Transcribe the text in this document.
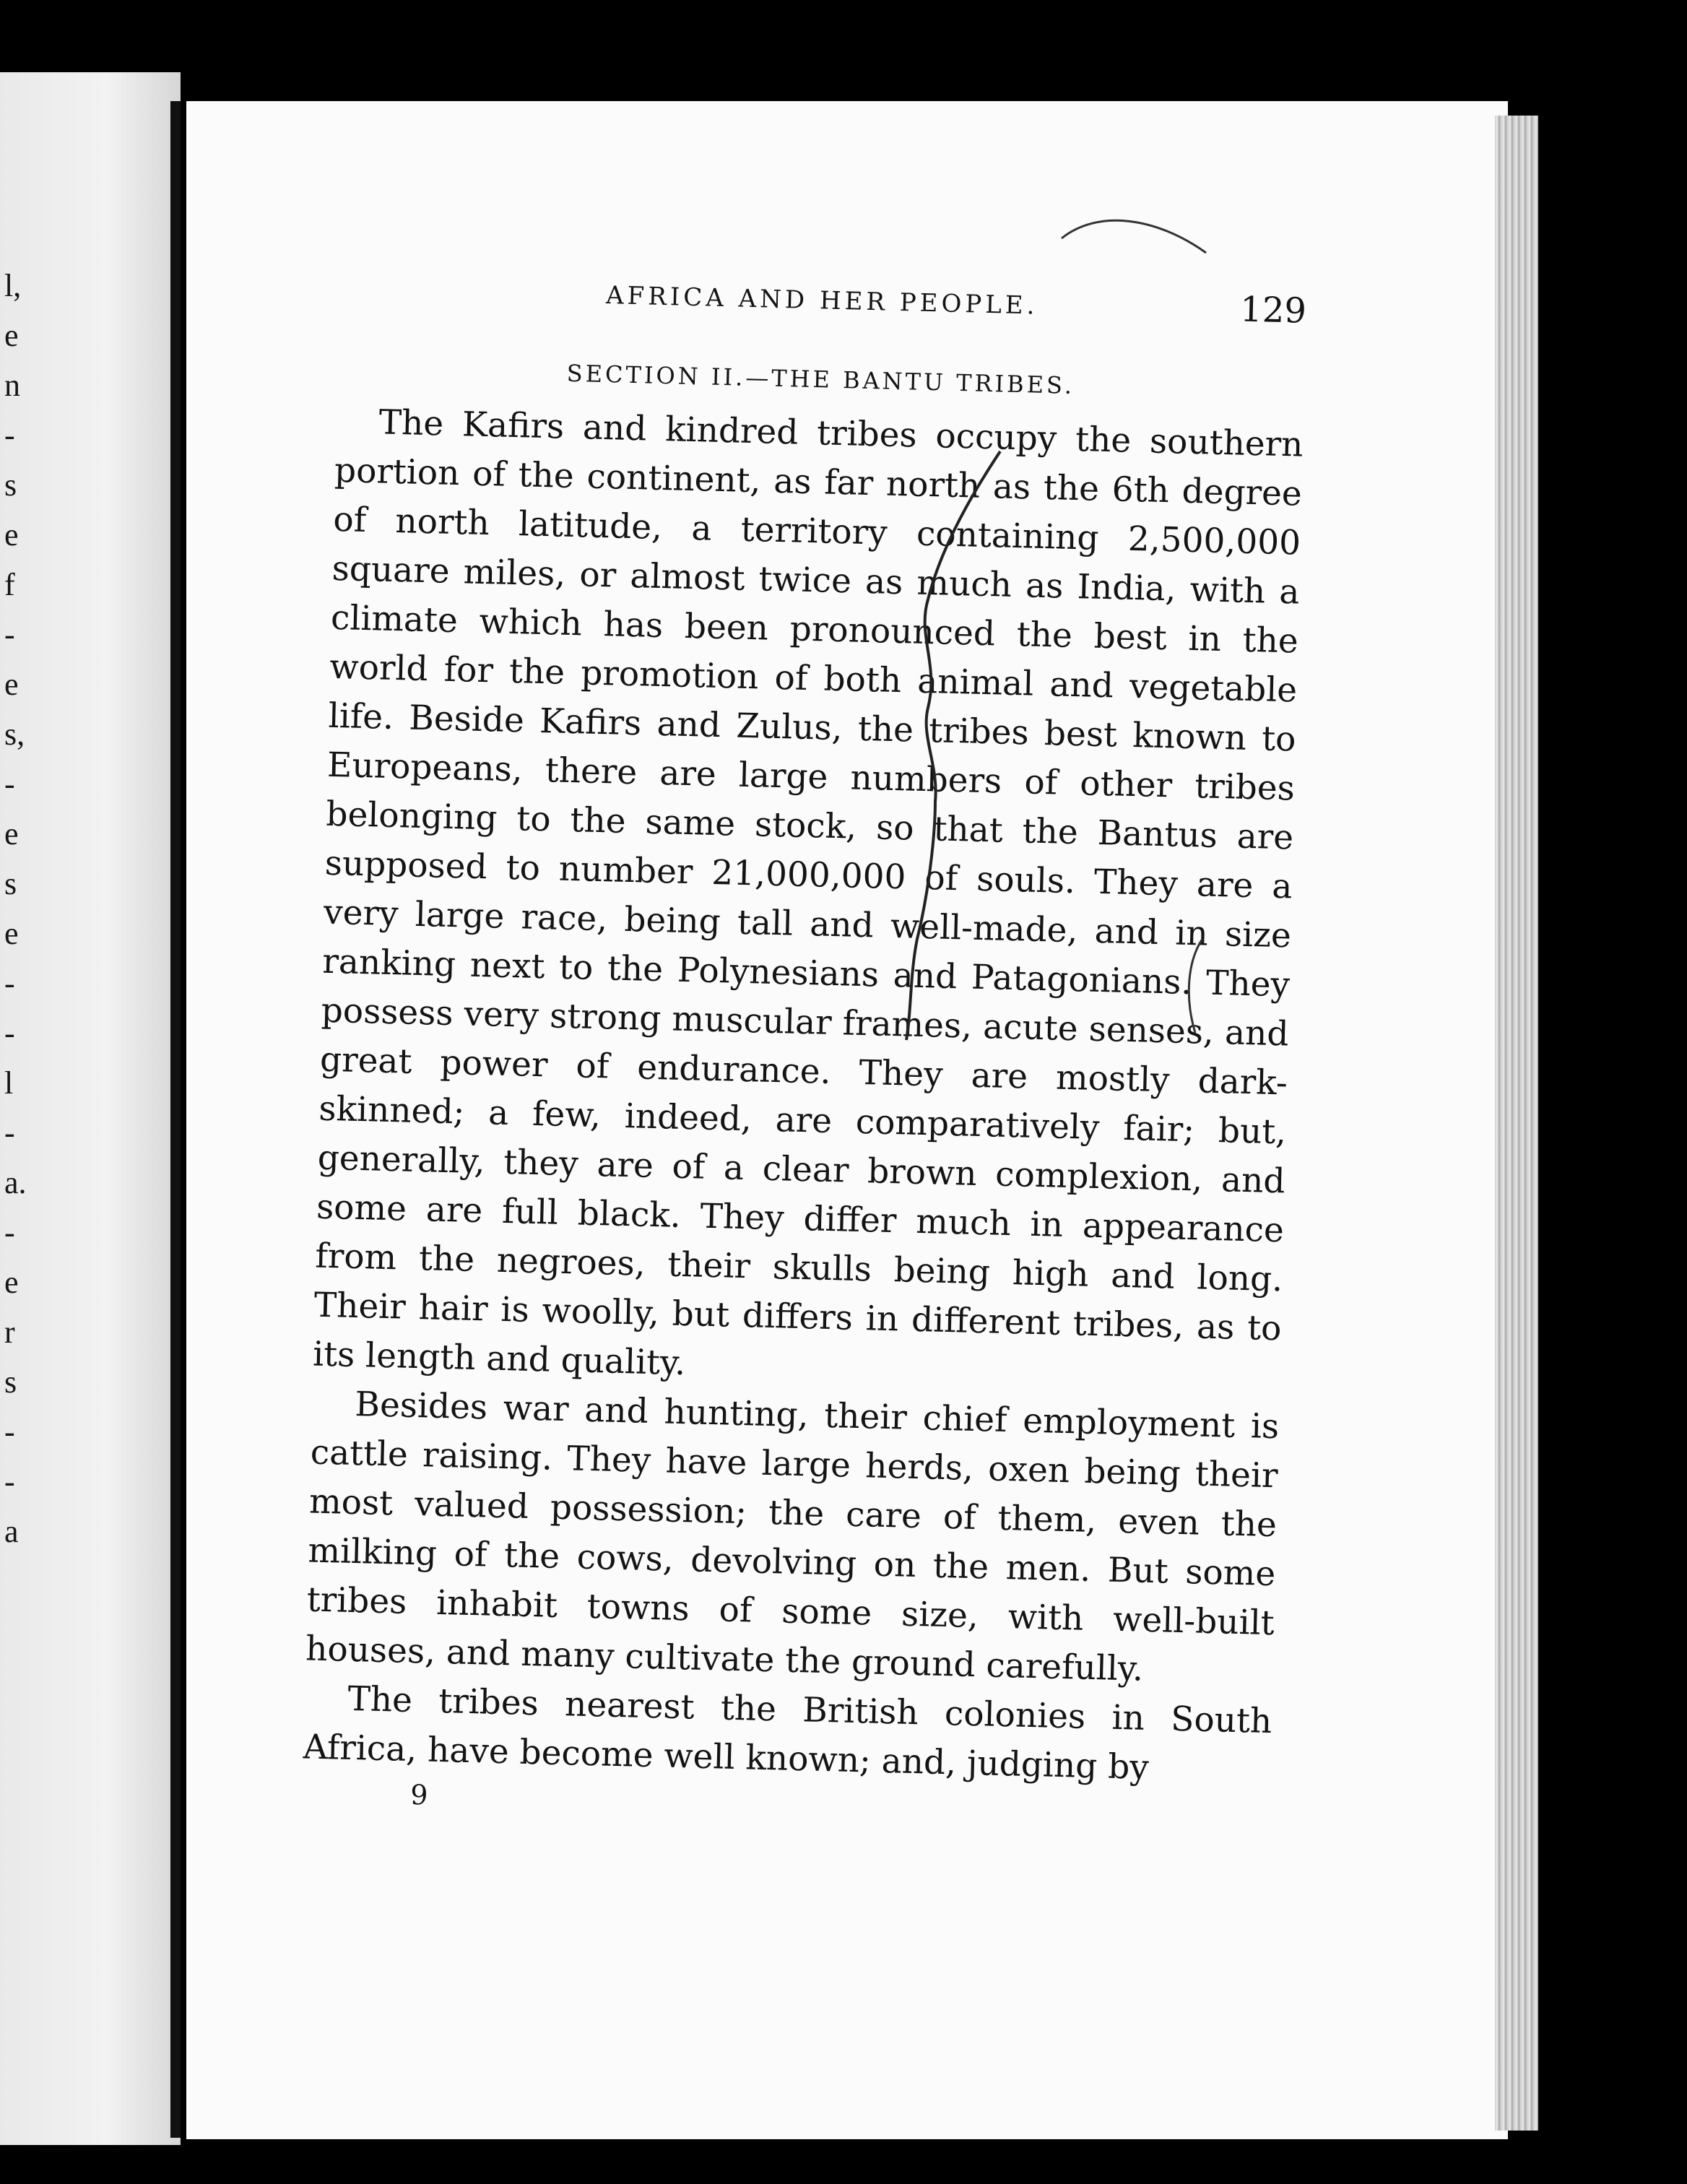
l,
e
n
-
s
e
f
-
e
s,
-
e
s
e
-
-
l
-
a.
-
e
r
s
-
-
a
AFRICA AND HER PEOPLE.	129
SECTION II.—THE BANTU TRIBES.

The Kafirs and kindred tribes occupy the southern portion of the continent, as far north as the 6th degree of north latitude, a territory containing 2,500,000 square miles, or almost twice as much as India, with a climate which has been pronounced the best in the world for the promotion of both animal and vegetable life. Beside Kafirs and Zulus, the tribes best known to Europeans, there are large numbers of other tribes belonging to the same stock, so that the Bantus are supposed to number 21,000,000 of souls. They are a very large race, being tall and well-made, and in size ranking next to the Polynesians and Patagonians. They possess very strong muscular frames, acute senses, and great power of endurance. They are mostly dark-skinned; a few, indeed, are comparatively fair; but, generally, they are of a clear brown complexion, and some are full black. They differ much in appearance from the negroes, their skulls being high and long. Their hair is woolly, but differs in different tribes, as to its length and quality.

Besides war and hunting, their chief employment is cattle raising. They have large herds, oxen being their most valued possession; the care of them, even the milking of the cows, devolving on the men. But some tribes inhabit towns of some size, with well-built houses, and many cultivate the ground carefully.

The tribes nearest the British colonies in South Africa, have become well known; and, judging by

9
